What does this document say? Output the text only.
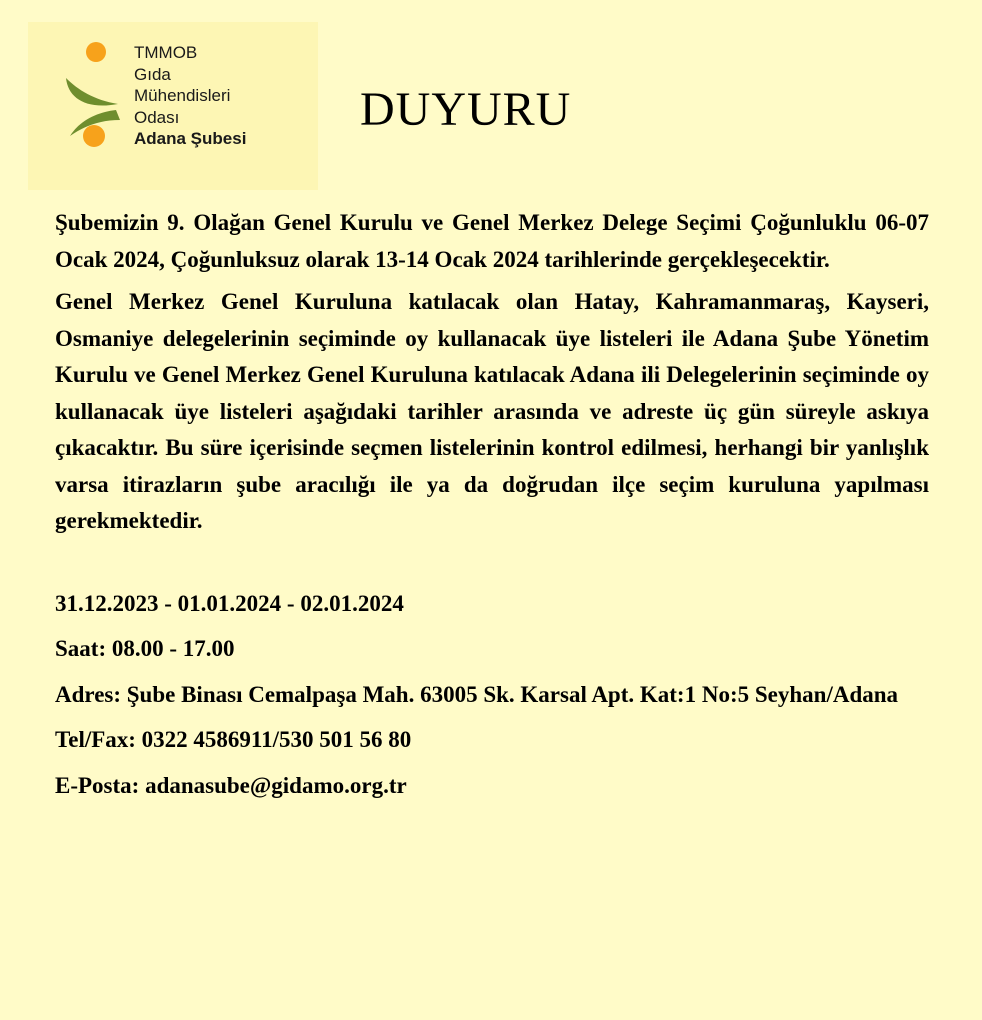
TMMOB
Gıda
Mühendisleri
Odası
Adana Şubesi
DUYURU

Şubemizin 9. Olağan Genel Kurulu ve Genel Merkez Delege Seçimi Çoğunluklu 06-07 Ocak 2024, Çoğunluksuz olarak 13-14 Ocak 2024 tarihlerinde gerçekleşecektir.

Genel Merkez Genel Kuruluna katılacak olan Hatay, Kahramanmaraş, Kayseri, Osmaniye delegelerinin seçiminde oy kullanacak üye listeleri ile Adana Şube Yönetim Kurulu ve Genel Merkez Genel Kuruluna katılacak Adana ili Delegelerinin seçiminde oy kullanacak üye listeleri aşağıdaki tarihler arasında ve adreste üç gün süreyle askıya çıkacaktır. Bu süre içerisinde seçmen listelerinin kontrol edilmesi, herhangi bir yanlışlık varsa itirazların şube aracılığı ile ya da doğrudan ilçe seçim kuruluna yapılması gerekmektedir.

31.12.2023 - 01.01.2024 - 02.01.2024

Saat: 08.00 - 17.00

Adres: Şube Binası Cemalpaşa Mah. 63005 Sk. Karsal Apt. Kat:1 No:5 Seyhan/Adana

Tel/Fax: 0322 4586911/530 501 56 80

E-Posta: adanasube@gidamo.org.tr
